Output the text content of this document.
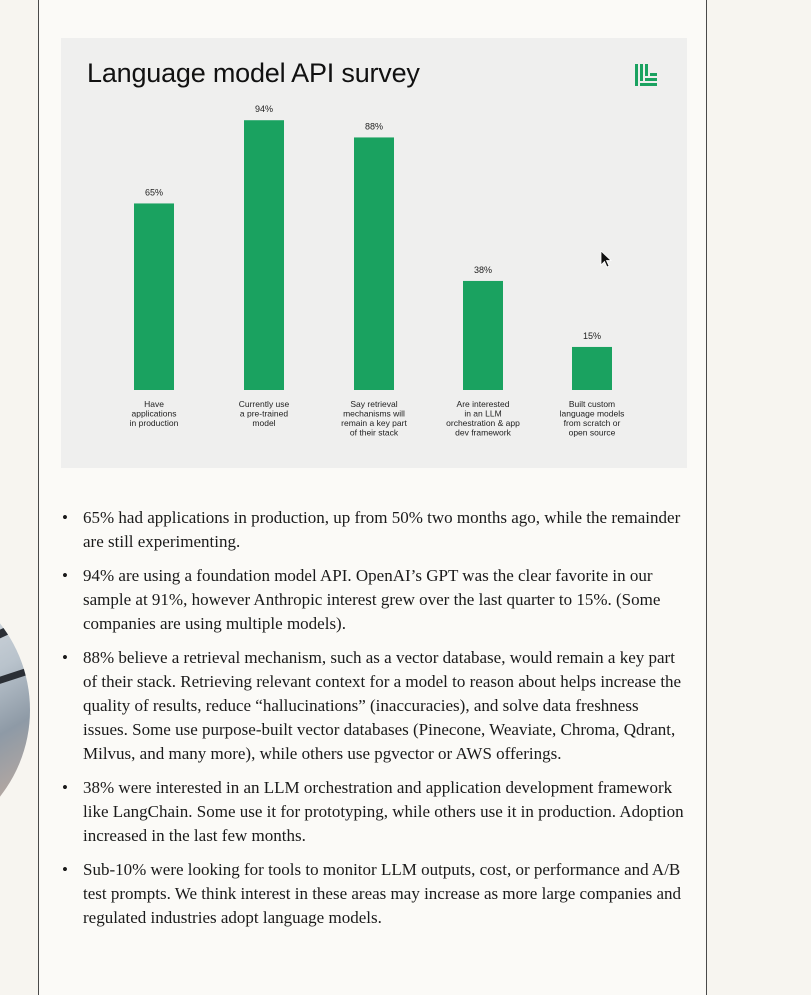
65%
Have applications in production
94%
Currently use a pre-trained model
88%
Say retrieval mechanisms will remain a key part of their stack
38%
Are interested in an LLM orchestration & app dev framework
15%
Built custom language models from scratch or open source
Language model API survey
• 65% had applications in production, up from 50% two months ago, while the remainder are still experimenting.
• 94% are using a foundation model API. OpenAI’s GPT was the clear favorite in our sample at 91%, however Anthropic interest grew over the last quarter to 15%. (Some companies are using multiple models).
• 88% believe a retrieval mechanism, such as a vector database, would remain a key part of their stack. Retrieving relevant context for a model to reason about helps increase the quality of results, reduce “hallucinations” (inaccuracies), and solve data freshness issues. Some use purpose-built vector databases (Pinecone, Weaviate, Chroma, Qdrant, Milvus, and many more), while others use pgvector or AWS offerings.
• 38% were interested in an LLM orchestration and application development framework like LangChain. Some use it for prototyping, while others use it in production. Adoption increased in the last few months.
• Sub-10% were looking for tools to monitor LLM outputs, cost, or performance and A/B test prompts. We think interest in these areas may increase as more large companies and regulated industries adopt language models.
